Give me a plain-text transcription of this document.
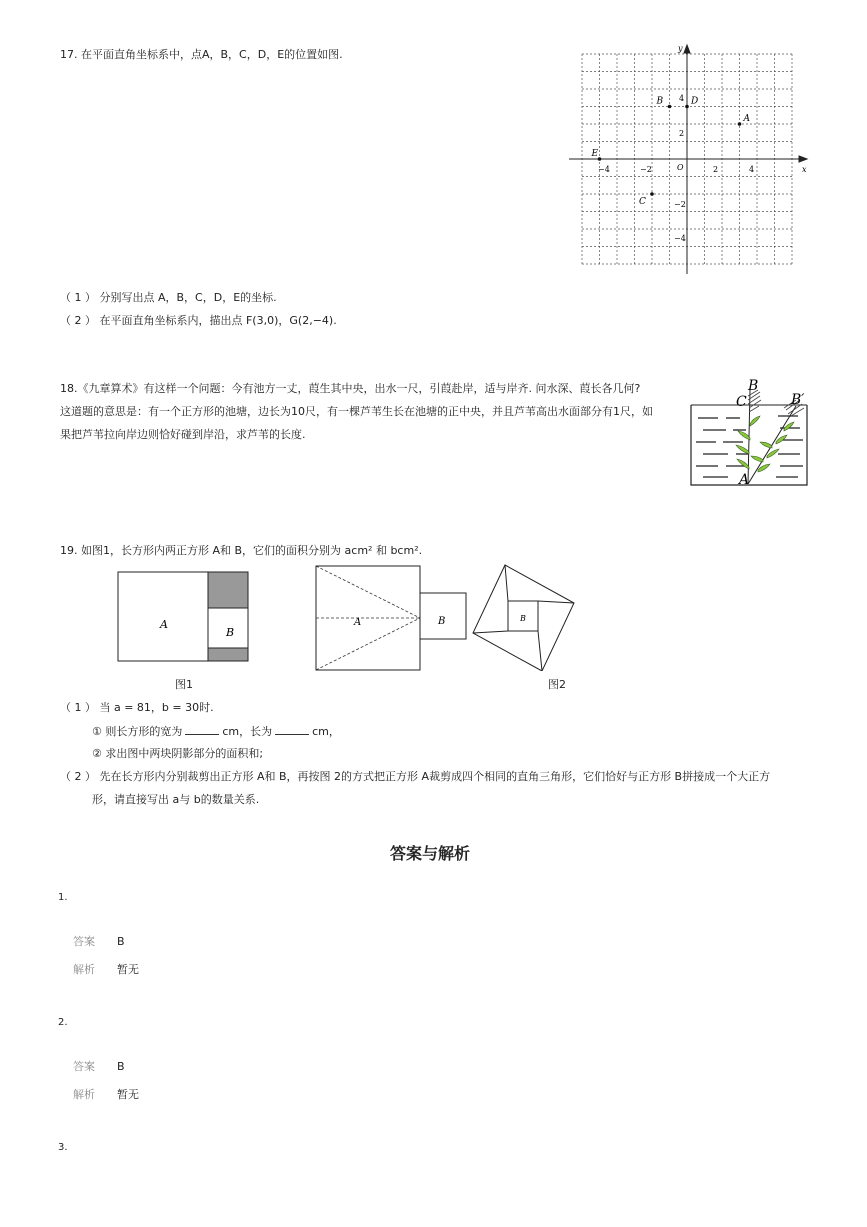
17. 在平面直角坐标系中，点A，B，C，D，E的位置如图.
x
y
O
−4	−2	2	4
4
2
−2
−4
A
B	D
C
E
（ 1 ） 分别写出点 A，B，C，D，E的坐标.
（ 2 ） 在平面直角坐标系内，描出点 F(3,0)，G(2,−4).
18.《九章算术》有这样一个问题：今有池方一丈，葭生其中央，出水一尺，引葭赴岸，适与岸齐. 问水深、葭长各几何?
这道题的意思是：有一个正方形的池塘，边长为10尺，有一棵芦苇生长在池塘的正中央，并且芦苇高出水面部分有1尺，如
果把芦苇拉向岸边则恰好碰到岸沿，求芦苇的长度.
B
C	B′
A
19. 如图1，长方形内两正方形 A和 B，它们的面积分别为 acm² 和 bcm².
A
B
图1
A	B	B
图2
（ 1 ） 当 a = 81，b = 30时.
① 则长方形的宽为	cm，长为	cm，
② 求出图中两块阴影部分的面积和;
（ 2 ） 先在长方形内分别裁剪出正方形 A和 B，再按图 2的方式把正方形 A裁剪成四个相同的直角三角形，它们恰好与正方形 B拼接成一个大正方
形，请直接写出 a与 b的数量关系.
答案与解析
1.
答案 B
解析 暂无
2.
答案 B
解析 暂无
3.
